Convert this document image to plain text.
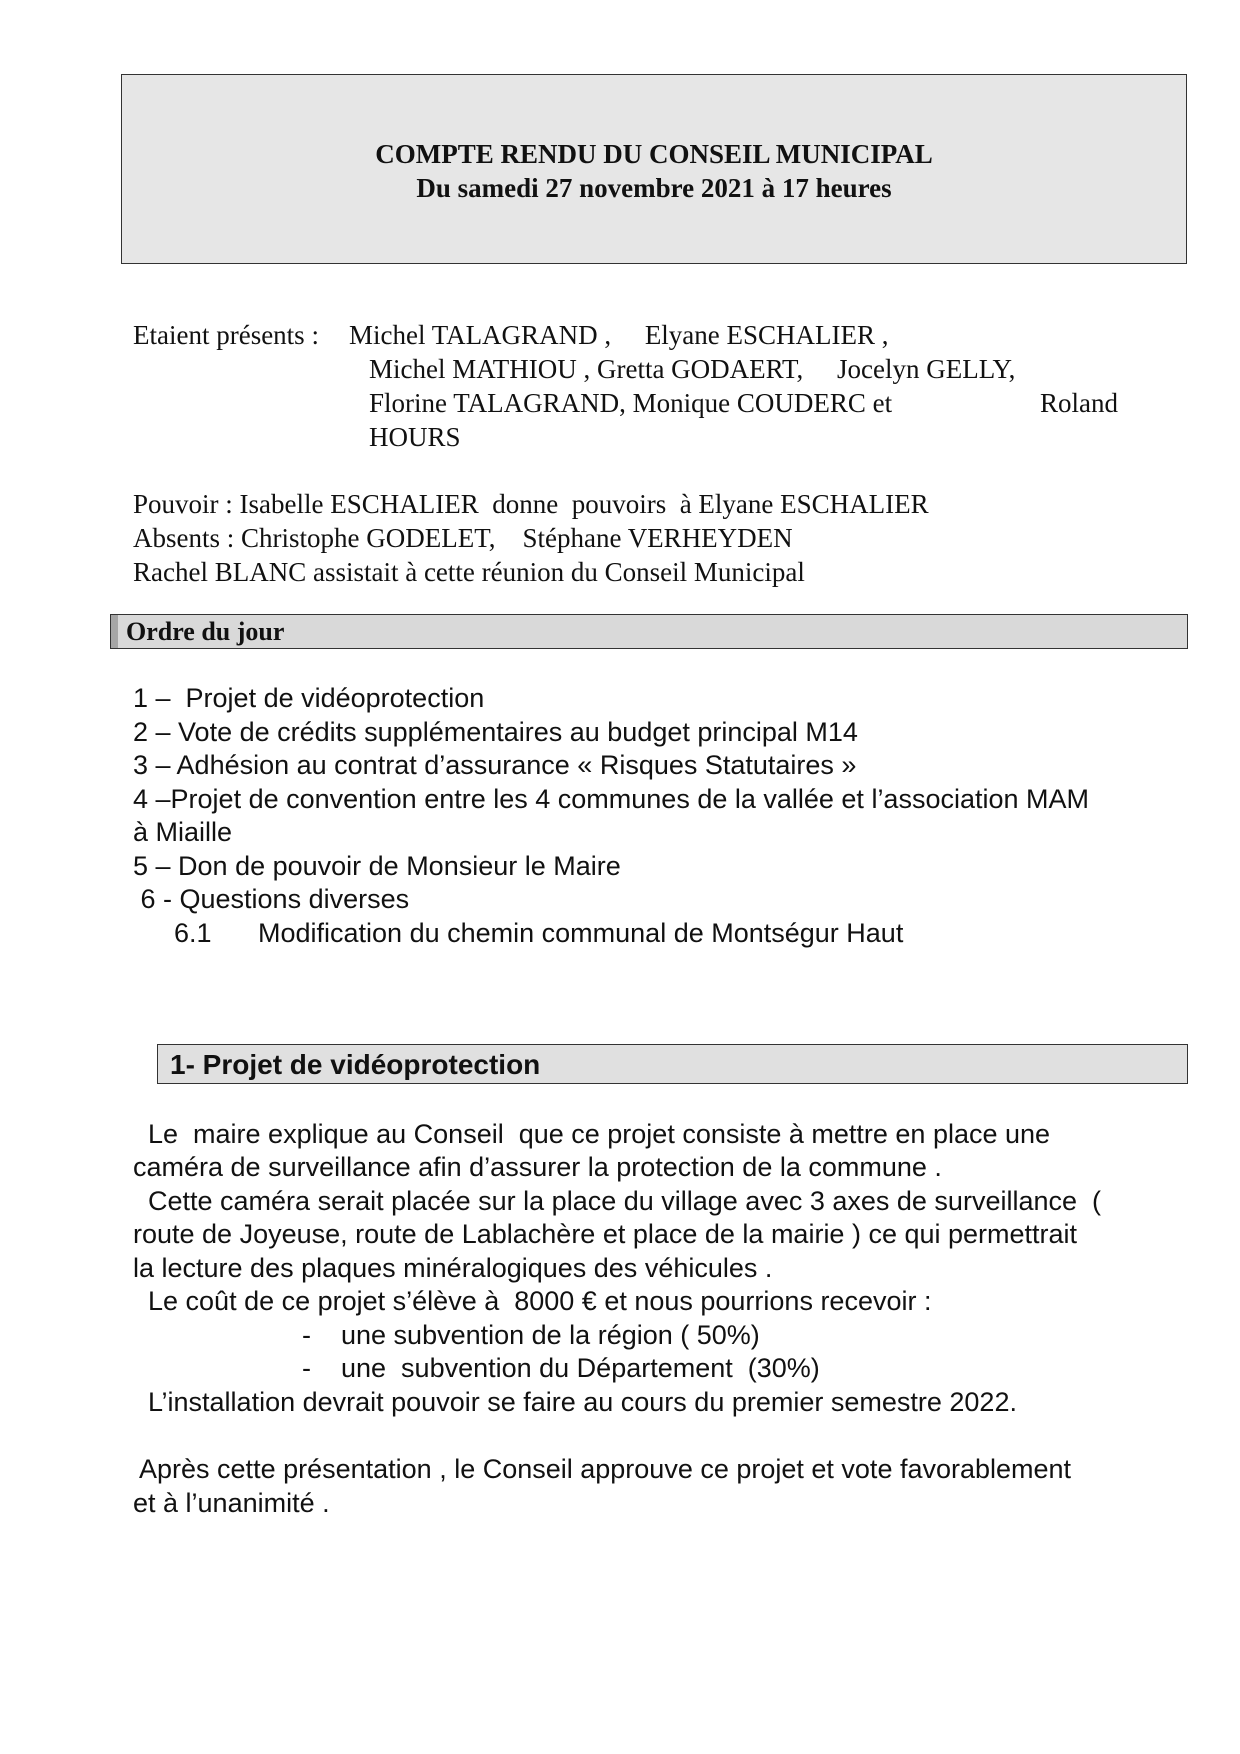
COMPTE RENDU DU CONSEIL MUNICIPAL
Du samedi 27 novembre 2021 à 17 heures
Etaient présents : Michel TALAGRAND ,     Elyane ESCHALIER ,
Michel MATHIOU , Gretta GODAERT,     Jocelyn GELLY,
Florine TALAGRAND, Monique COUDERC et	Roland
HOURS
Pouvoir : Isabelle ESCHALIER  donne  pouvoirs  à Elyane ESCHALIER
Absents : Christophe GODELET,    Stéphane VERHEYDEN
Rachel BLANC assistait à cette réunion du Conseil Municipal
Ordre du jour
1 –  Projet de vidéoprotection
2 – Vote de crédits supplémentaires au budget principal M14
3 – Adhésion au contrat d’assurance « Risques Statutaires »
4 –Projet de convention entre les 4 communes de la vallée et l’association MAM
à Miaille
5 – Don de pouvoir de Monsieur le Maire
6 - Questions diverses
6.1 Modification du chemin communal de Montségur Haut
1- Projet de vidéoprotection
Le  maire explique au Conseil  que ce projet consiste à mettre en place une
caméra de surveillance afin d’assurer la protection de la commune .
Cette caméra serait placée sur la place du village avec 3 axes de surveillance  (
route de Joyeuse, route de Lablachère et place de la mairie ) ce qui permettrait
la lecture des plaques minéralogiques des véhicules .
Le coût de ce projet s’élève à  8000 € et nous pourrions recevoir :
- une subvention de la région ( 50%)
- une  subvention du Département  (30%)
L’installation devrait pouvoir se faire au cours du premier semestre 2022.
Après cette présentation , le Conseil approuve ce projet et vote favorablement
et à l’unanimité .
